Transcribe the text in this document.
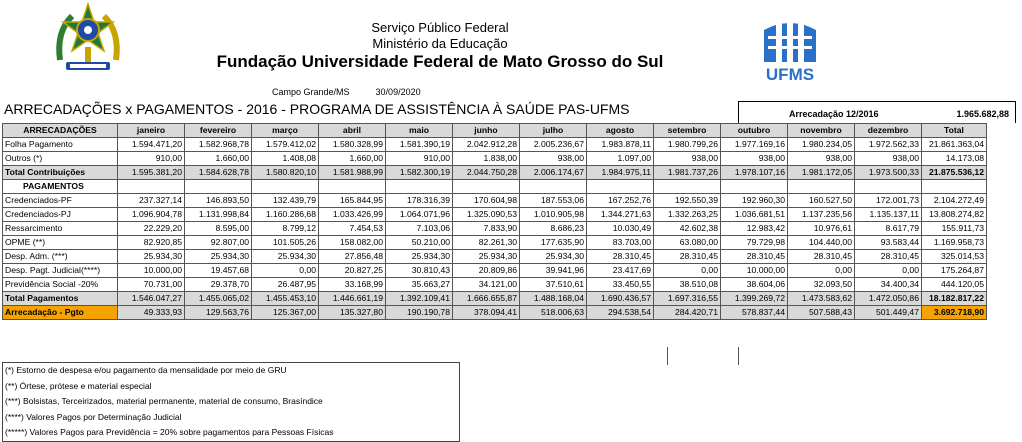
UFMS
Serviço Público Federal
Ministério da Educação
Fundação Universidade Federal de Mato Grosso do Sul
Campo Grande/MS	30/09/2020
ARRECADAÇÕES x PAGAMENTOS - 2016 - PROGRAMA DE ASSISTÊNCIA À SAÚDE PAS-UFMS	Arrecadação 12/2016	1.965.682,88
ARRECADAÇÕES	janeiro	fevereiro	março	abril	maio	junho	julho	agosto	setembro	outubro	novembro	dezembro	Total
Folha Pagamento	1.594.471,20	1.582.968,78	1.579.412,02	1.580.328,99	1.581.390,19	2.042.912,28	2.005.236,67	1.983.878,11	1.980.799,26	1.977.169,16	1.980.234,05	1.972.562,33	21.861.363,04
Outros (*)	910,00	1.660,00	1.408,08	1.660,00	910,00	1.838,00	938,00	1.097,00	938,00	938,00	938,00	938,00	14.173,08
Total Contribuições	1.595.381,20	1.584.628,78	1.580.820,10	1.581.988,99	1.582.300,19	2.044.750,28	2.006.174,67	1.984.975,11	1.981.737,26	1.978.107,16	1.981.172,05	1.973.500,33	21.875.536,12
PAGAMENTOS													
Credenciados-PF	237.327,14	146.893,50	132.439,79	165.844,95	178.316,39	170.604,98	187.553,06	167.252,76	192.550,39	192.960,30	160.527,50	172.001,73	2.104.272,49
Credenciados-PJ	1.096.904,78	1.131.998,84	1.160.286,68	1.033.426,99	1.064.071,96	1.325.090,53	1.010.905,98	1.344.271,63	1.332.263,25	1.036.681,51	1.137.235,56	1.135.137,11	13.808.274,82
Ressarcimento	22.229,20	8.595,00	8.799,12	7.454,53	7.103,06	7.833,90	8.686,23	10.030,49	42.602,38	12.983,42	10.976,61	8.617,79	155.911,73
OPME (**)	82.920,85	92.807,00	101.505,26	158.082,00	50.210,00	82.261,30	177.635,90	83.703,00	63.080,00	79.729,98	104.440,00	93.583,44	1.169.958,73
Desp. Adm. (***)	25.934,30	25.934,30	25.934,30	27.856,48	25.934,30	25.934,30	25.934,30	28.310,45	28.310,45	28.310,45	28.310,45	28.310,45	325.014,53
Desp. Pagt. Judicial(****)	10.000,00	19.457,68	0,00	20.827,25	30.810,43	20.809,86	39.941,96	23.417,69	0,00	10.000,00	0,00	0,00	175.264,87
Previdência Social -20%	70.731,00	29.378,70	26.487,95	33.168,99	35.663,27	34.121,00	37.510,61	33.450,55	38.510,08	38.604,06	32.093,50	34.400,34	444.120,05
Total Pagamentos	1.546.047,27	1.455.065,02	1.455.453,10	1.446.661,19	1.392.109,41	1.666.655,87	1.488.168,04	1.690.436,57	1.697.316,55	1.399.269,72	1.473.583,62	1.472.050,86	18.182.817,22
Arrecadação - Pgto	49.333,93	129.563,76	125.367,00	135.327,80	190.190,78	378.094,41	518.006,63	294.538,54	284.420,71	578.837,44	507.588,43	501.449,47	3.692.718,90
(*) Estorno de despesa e/ou pagamento da mensalidade por meio de GRU
(**) Órtese, prótese e material especial
(***) Bolsistas, Terceirizados, material permanente, material de consumo, Brasíndice
(****) Valores Pagos por Determinação Judicial
(*****) Valores Pagos para Previdência = 20% sobre pagamentos para Pessoas Físicas
